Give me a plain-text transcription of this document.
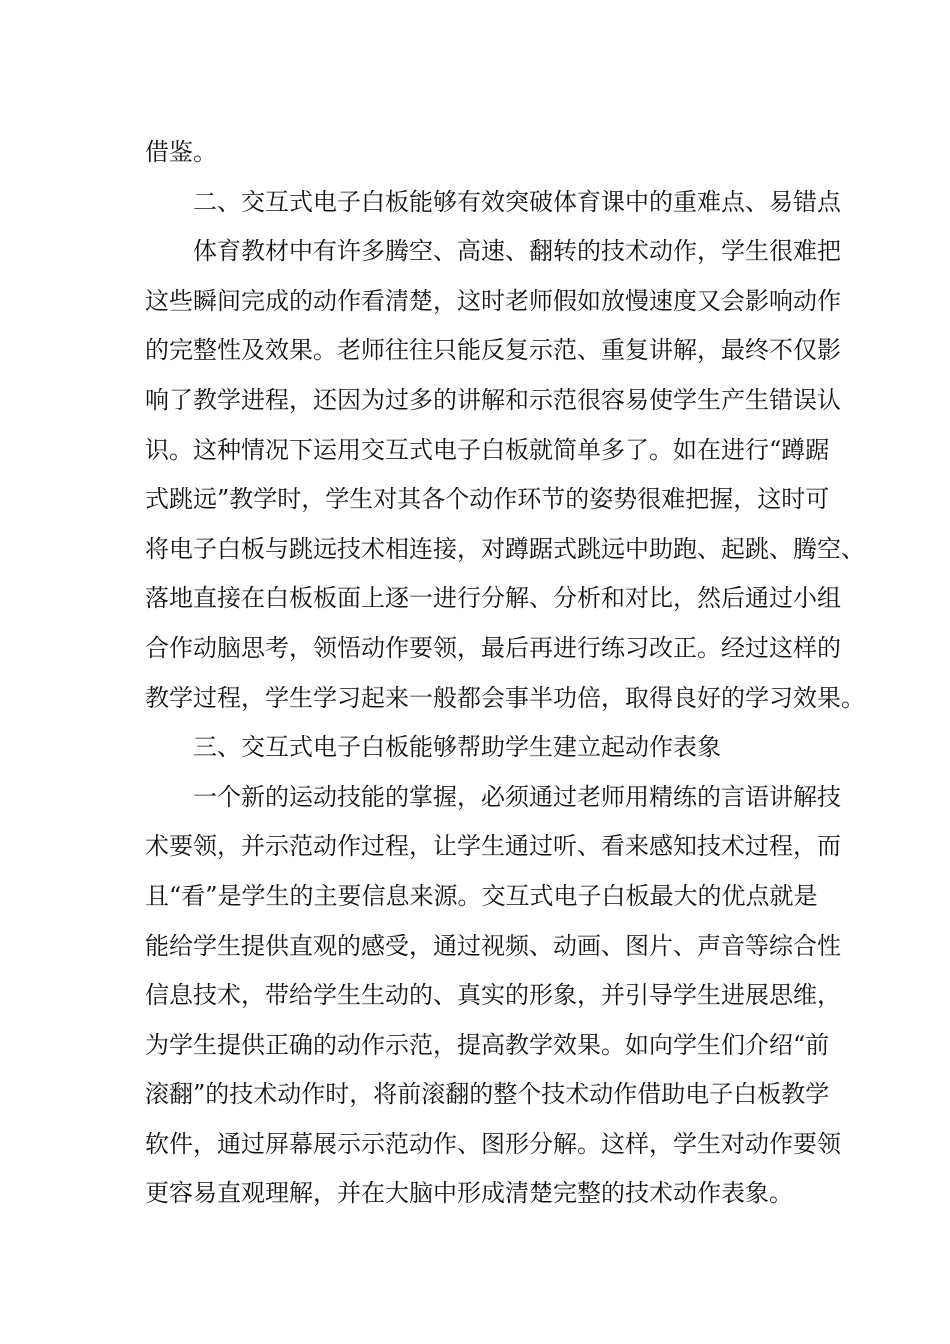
借鉴。
二、交互式电子白板能够有效突破体育课中的重难点、易错点
体育教材中有许多腾空、高速、翻转的技术动作，学生很难把
这些瞬间完成的动作看清楚，这时老师假如放慢速度又会影响动作
的完整性及效果。老师往往只能反复示范、重复讲解，最终不仅影
响了教学进程，还因为过多的讲解和示范很容易使学生产生错误认
识。这种情况下运用交互式电子白板就简单多了。如在进行“蹲踞
式跳远”教学时，学生对其各个动作环节的姿势很难把握，这时可
将电子白板与跳远技术相连接，对蹲踞式跳远中助跑、起跳、腾空、
落地直接在白板板面上逐一进行分解、分析和对比，然后通过小组
合作动脑思考，领悟动作要领，最后再进行练习改正。经过这样的
教学过程，学生学习起来一般都会事半功倍，取得良好的学习效果。
三、交互式电子白板能够帮助学生建立起动作表象
一个新的运动技能的掌握，必须通过老师用精练的言语讲解技
术要领，并示范动作过程，让学生通过听、看来感知技术过程，而
且“看”是学生的主要信息来源。交互式电子白板最大的优点就是
能给学生提供直观的感受，通过视频、动画、图片、声音等综合性
信息技术，带给学生生动的、真实的形象，并引导学生进展思维，
为学生提供正确的动作示范，提高教学效果。如向学生们介绍“前
滚翻”的技术动作时，将前滚翻的整个技术动作借助电子白板教学
软件，通过屏幕展示示范动作、图形分解。这样，学生对动作要领
更容易直观理解，并在大脑中形成清楚完整的技术动作表象。
